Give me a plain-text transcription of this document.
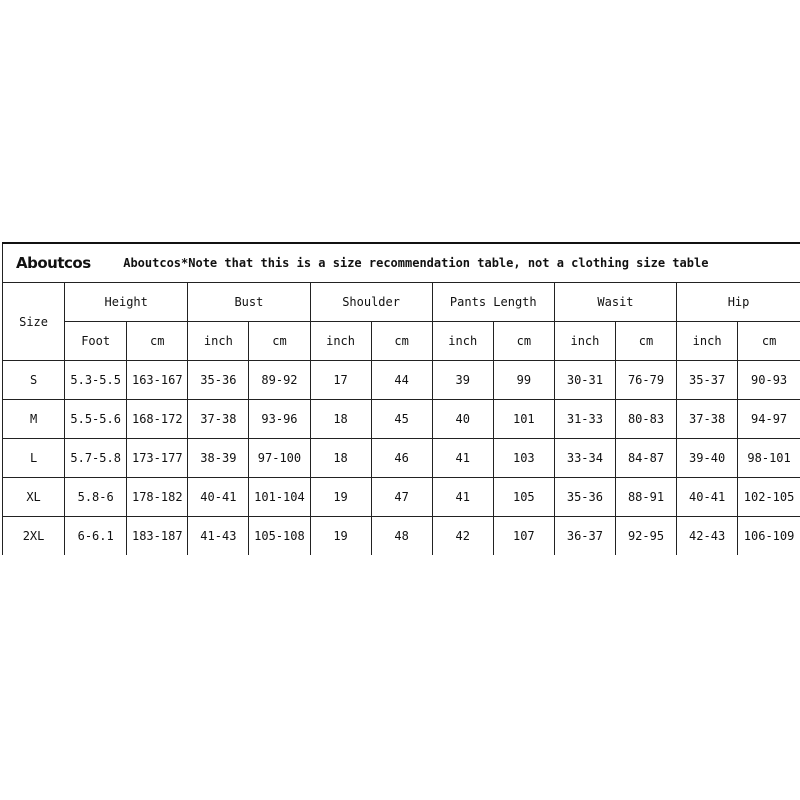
Aboutcos Aboutcos*Note that this is a size recommendation table, not a clothing size table												
Size	Height		Bust		Shoulder		Pants Length		Wasit		Hip	
	Foot	cm	inch	cm	inch	cm	inch	cm	inch	cm	inch	cm
S	5.3-5.5	163-167	35-36	89-92	17	44	39	99	30-31	76-79	35-37	90-93
M	5.5-5.6	168-172	37-38	93-96	18	45	40	101	31-33	80-83	37-38	94-97
L	5.7-5.8	173-177	38-39	97-100	18	46	41	103	33-34	84-87	39-40	98-101
XL	5.8-6	178-182	40-41	101-104	19	47	41	105	35-36	88-91	40-41	102-105
2XL	6-6.1	183-187	41-43	105-108	19	48	42	107	36-37	92-95	42-43	106-109
